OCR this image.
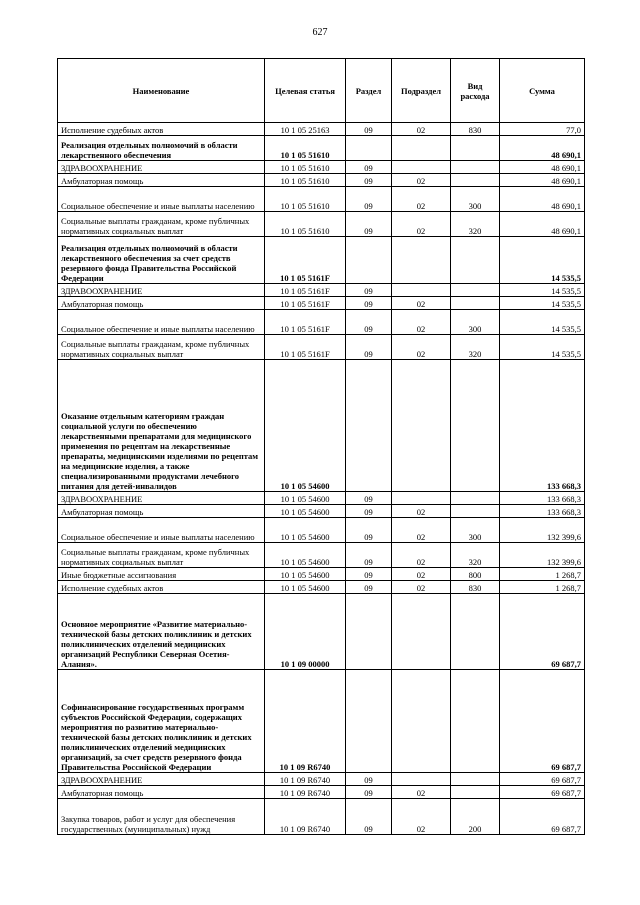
627
Наименование	Целевая статья	Раздел	Подраздел	Вид расхода	Сумма
Исполнение судебных актов	10 1 05 25163	09	02	830	77,0
Реализация отдельных полномочий в области лекарственного обеспечения	10 1 05 51610				48 690,1
ЗДРАВООХРАНЕНИЕ	10 1 05 51610	09			48 690,1
Амбулаторная помощь	10 1 05 51610	09	02		48 690,1
Социальное обеспечение и иные выплаты населению	10 1 05 51610	09	02	300	48 690,1
Социальные выплаты гражданам, кроме публичных нормативных социальных выплат	10 1 05 51610	09	02	320	48 690,1
Реализация отдельных полномочий в области лекарственного обеспечения за счет средств резервного фонда Правительства Российской Федерации	10 1 05 5161F				14 535,5
ЗДРАВООХРАНЕНИЕ	10 1 05 5161F	09			14 535,5
Амбулаторная помощь	10 1 05 5161F	09	02		14 535,5
Социальное обеспечение и иные выплаты населению	10 1 05 5161F	09	02	300	14 535,5
Социальные выплаты гражданам, кроме публичных нормативных социальных выплат	10 1 05 5161F	09	02	320	14 535,5
Оказание отдельным категориям граждан социальной услуги по обеспечению лекарственными препаратами для медицинского применения по рецептам на лекарственные препараты, медицинскими изделиями по рецептам на медицинские изделия, а также специализированными продуктами лечебного питания для детей-инвалидов	10 1 05 54600				133 668,3
ЗДРАВООХРАНЕНИЕ	10 1 05 54600	09			133 668,3
Амбулаторная помощь	10 1 05 54600	09	02		133 668,3
Социальное обеспечение и иные выплаты населению	10 1 05 54600	09	02	300	132 399,6
Социальные выплаты гражданам, кроме публичных нормативных социальных выплат	10 1 05 54600	09	02	320	132 399,6
Иные бюджетные ассигнования	10 1 05 54600	09	02	800	1 268,7
Исполнение судебных актов	10 1 05 54600	09	02	830	1 268,7
Основное мероприятие «Развитие материально-технической базы детских поликлиник и детских поликлинических отделений медицинских организаций Республики Северная Осетия-Алания».	10 1 09 00000				69 687,7
Софинансирование государственных программ субъектов Российской Федерации, содержащих мероприятия по развитию материально-технической базы детских поликлиник и детских поликлинических отделений медицинских организаций, за счет средств резервного фонда Правительства Российской Федерации	10 1 09 R6740				69 687,7
ЗДРАВООХРАНЕНИЕ	10 1 09 R6740	09			69 687,7
Амбулаторная помощь	10 1 09 R6740	09	02		69 687,7
Закупка товаров, работ и услуг для обеспечения государственных (муниципальных) нужд	10 1 09 R6740	09	02	200	69 687,7
